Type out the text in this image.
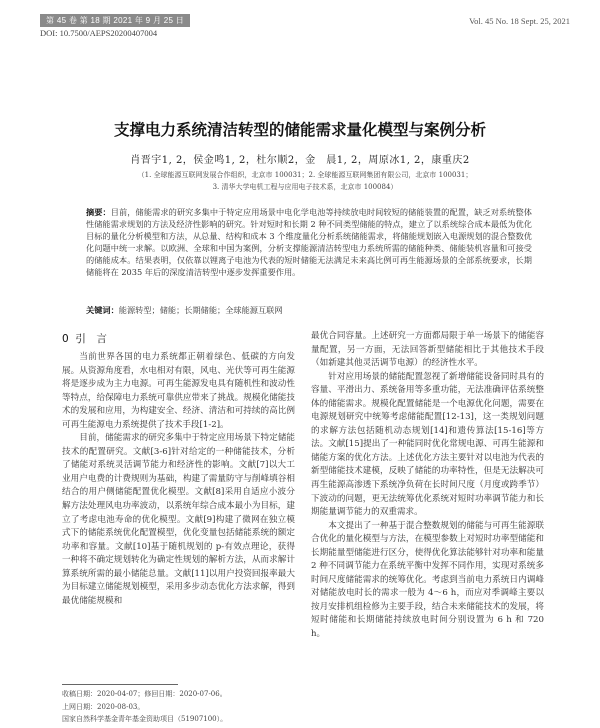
第 45 卷 第 18 期 2021 年 9 月 25 日	Vol. 45 No. 18 Sept. 25, 2021
DOI: 10.7500/AEPS20200407004
支撑电力系统清洁转型的储能需求量化模型与案例分析
肖晋宇1, 2，侯金鸣1, 2，杜尔顺2，金　晨1, 2，周原冰1, 2，康重庆2
（1. 全球能源互联网发展合作组织，北京市 100031；2. 全球能源互联网集团有限公司，北京市 100031；
3. 清华大学电机工程与应用电子技术系，北京市 100084）
摘要：目前，储能需求的研究多集中于特定应用场景中电化学电池等持续放电时间较短的储能装置的配置，缺乏对系统整体性储能需求规划的方法及经济性影响的研究。针对短时和长期 2 种不同类型储能的特点，建立了以系统综合成本最低为优化目标的量化分析模型和方法，从总量、结构和成本 3 个维度量化分析系统储能需求，将储能规划嵌入电源规划的混合整数优化问题中统一求解。以欧洲、全球和中国为案例，分析支撑能源清洁转型电力系统所需的储能种类、储能装机容量和可接受的储能成本。结果表明，仅依靠以锂离子电池为代表的短时储能无法满足未来高比例可再生能源场景的全部系统要求，长期储能将在 2035 年后的深度清洁转型中逐步发挥重要作用。
关键词：能源转型；储能；长期储能；全球能源互联网
0 引　言

当前世界各国的电力系统都正朝着绿色、低碳的方向发展。从资源角度看，水电相对有限，风电、光伏等可再生能源将是逐步成为主力电源。可再生能源发电具有随机性和波动性等特点，给保障电力系统可靠供应带来了挑战。规模化储能技术的发展和应用，为构建安全、经济、清洁和可持续的高比例可再生能源电力系统提供了技术手段[1-2]。

目前，储能需求的研究多集中于特定应用场景下特定储能技术的配置研究。文献[3-6]针对给定的一种储能技术，分析了储能对系统灵活调节能力和经济性的影响。文献[7]以大工业用户电费的计费规则为基础，构建了需量防守与削峰填谷相结合的用户侧储能配置优化模型。文献[8]采用自适应小波分解方法处理风电功率波动，以系统年综合成本最小为目标，建立了考虑电池寿命的优化模型。文献[9]构建了微网在独立模式下的储能系统优化配置模型，优化变量包括储能系统的额定功率和容量。文献[10]基于随机规划的 p-有效点理论，获得一种将不确定规划转化为确定性规划的解析方法，从而求解计算系统所需的最小储能总量。文献[11]以用户投资回报率最大为目标建立储能规划模型，采用多步动态优化方法求解，得到最优储能规模和

最优合同容量。上述研究一方面都局限于单一场景下的储能容量配置，另一方面，无法回答新型储能相比于其他技术手段（如新建其他灵活调节电源）的经济性水平。

针对应用场景的储能配置忽视了新增储能设备同时具有的容量、平滑出力、系统备用等多重功能，无法准确评估系统整体的储能需求。规模化配置储能是一个电源优化问题，需要在电源规划研究中统筹考虑储能配置[12-13]，这一类规划问题的求解方法包括随机动态规划[14]和遗传算法[15-16]等方法。文献[15]提出了一种能同时优化常规电源、可再生能源和储能方案的优化方法。上述优化方法主要针对以电池为代表的新型储能技术建模，反映了储能的功率特性，但是无法解决可再生能源高渗透下系统净负荷在长时间尺度（月度或跨季节）下波动的问题，更无法统筹优化系统对短时功率调节能力和长期能量调节能力的双重需求。

本文提出了一种基于混合整数规划的储能与可再生能源联合优化的量化模型与方法，在模型参数上对短时功率型储能和长期能量型储能进行区分，使得优化算法能够针对功率和能量 2 种不同调节能力在系统平衡中发挥不同作用，实现对系统多时间尺度储能需求的统筹优化。考虑到当前电力系统日内调峰对储能放电时长的需求一般为 4～6 h，而应对季调峰主要以按月安排机组检修为主要手段，结合未来储能技术的发展，将短时储能和长期储能持续放电时间分别设置为 6 h 和 720 h。

收稿日期：2020-04-07；修回日期：2020-07-06。
上网日期：2020-08-03。
国家自然科学基金青年基金资助项目（51907100）。
